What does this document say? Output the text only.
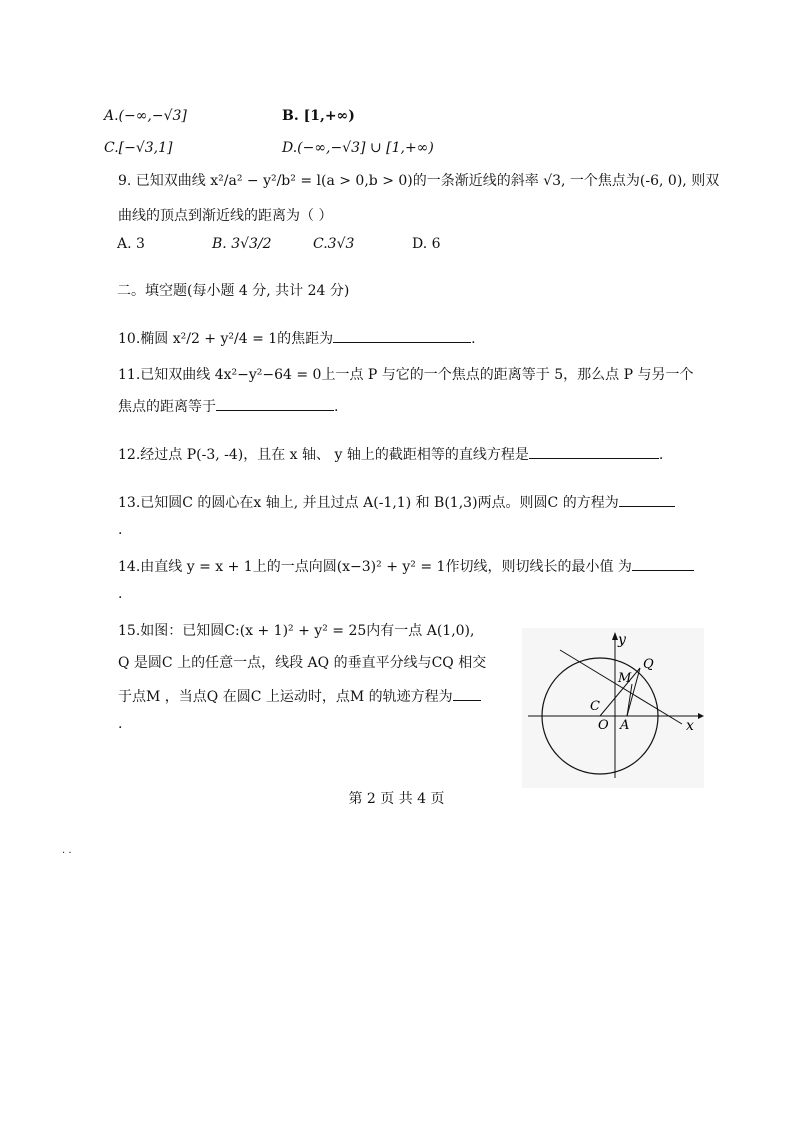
A.(−∞,−√3]	B. [1,+∞)
C.[−√3,1]	D.(−∞,−√3] ∪ [1,+∞)
9. 已知双曲线 x²/a² − y²/b² = l(a > 0,b > 0)的一条渐近线的斜率 √3, 一个焦点为(-6, 0), 则双
曲线的顶点到渐近线的距离为（ ）
A. 3	B. 3√3/2	C.3√3	D. 6
二。填空题(每小题 4 分, 共计 24 分)
10.椭圆 x²/2 + y²/4 = 1的焦距为	.
11.已知双曲线 4x²−y²−64 = 0上一点 P 与它的一个焦点的距离等于 5，那么点 P 与另一个
焦点的距离等于	.
12.经过点 P(-3, -4)，且在 x 轴、 y 轴上的截距相等的直线方程是	.
13.已知圆C 的圆心在x 轴上, 并且过点 A(-1,1) 和 B(1,3)两点。则圆C 的方程为
.
14.由直线 y = x + 1上的一点向圆(x−3)² + y² = 1作切线，则切线长的最小值 为
.
15.如图：已知圆C:(x + 1)² + y² = 25内有一点 A(1,0),
Q 是圆C 上的任意一点，线段 AQ 的垂直平分线与CQ 相交
于点M ，当点Q 在圆C 上运动时，点M 的轨迹方程为
.
y
x
M
Q
C
O A
第 2 页 共 4 页
. .
